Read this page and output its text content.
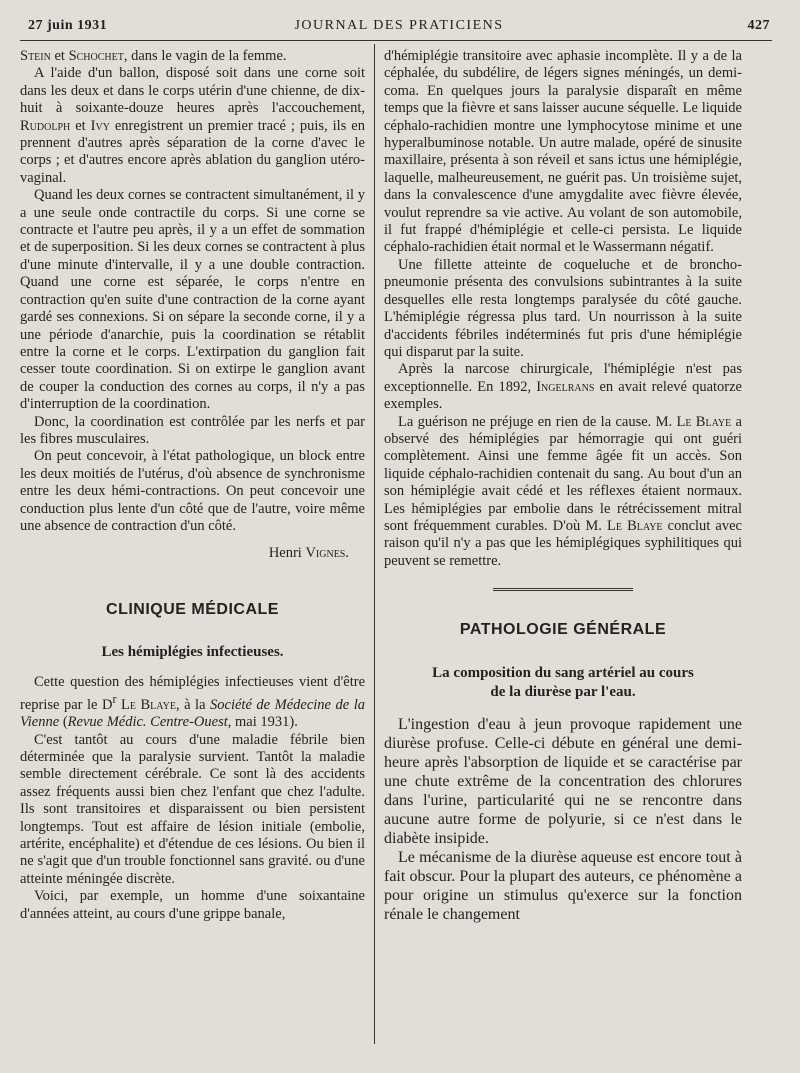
27 juin 1931	JOURNAL DES PRATICIENS	427

Stein et Schochet, dans le vagin de la femme.

A l'aide d'un ballon, disposé soit dans une corne soit dans les deux et dans le corps utérin d'une chienne, de dix-huit à soixante-douze heures après l'accouchement, Rudolph et Ivy enregistrent un premier tracé ; puis, ils en prennent d'autres après séparation de la corne d'avec le corps ; et d'autres encore après ablation du ganglion utéro-vaginal.

Quand les deux cornes se contractent simultanément, il y a une seule onde contractile du corps. Si une corne se contracte et l'autre peu après, il y a un effet de sommation et de superposition. Si les deux cornes se contractent à plus d'une minute d'intervalle, il y a une double contraction. Quand une corne est séparée, le corps n'entre en contraction qu'en suite d'une contraction de la corne ayant gardé ses connexions. Si on sépare la seconde corne, il y a une période d'anarchie, puis la coordination se rétablit entre la corne et le corps. L'extirpation du ganglion fait cesser toute coordination. Si on extirpe le ganglion avant de couper la conduction des cornes au corps, il n'y a pas d'interruption de la coordination.

Donc, la coordination est contrôlée par les nerfs et par les fibres musculaires.

On peut concevoir, à l'état pathologique, un block entre les deux moitiés de l'utérus, d'où absence de synchronisme entre les deux hémi-contractions. On peut concevoir une conduction plus lente d'un côté que de l'autre, voire même une absence de contraction d'un côté.

Henri Vignes.

CLINIQUE MÉDICALE
Les hémiplégies infectieuses.

Cette question des hémiplégies infectieuses vient d'être reprise par le $D^r$ Le Blaye, à la Société de Médecine de la Vienne (Revue Médic. Centre-Ouest, mai 1931).

C'est tantôt au cours d'une maladie fébrile bien déterminée que la paralysie survient. Tantôt la maladie semble directement cérébrale. Ce sont là des accidents assez fréquents aussi bien chez l'enfant que chez l'adulte. Ils sont transitoires et disparaissent ou bien persistent longtemps. Tout est affaire de lésion initiale (embolie, artérite, encéphalite) et d'étendue de ces lésions. Ou bien il ne s'agit que d'un trouble fonctionnel sans gravité. ou d'une atteinte méningée discrète.

Voici, par exemple, un homme d'une soixantaine d'années atteint, au cours d'une grippe banale,

d'hémiplégie transitoire avec aphasie incomplète. Il y a de la céphalée, du subdélire, de légers signes méningés, un demi-coma. En quelques jours la paralysie disparaît en même temps que la fièvre et sans laisser aucune séquelle. Le liquide céphalo-rachidien montre une lymphocytose minime et une hyperalbuminose notable. Un autre malade, opéré de sinusite maxillaire, présenta à son réveil et sans ictus une hémiplégie, laquelle, malheureusement, ne guérit pas. Un troisième sujet, dans la convalescence d'une amygdalite avec fièvre élevée, voulut reprendre sa vie active. Au volant de son automobile, il fut frappé d'hémiplégie et celle-ci persista. Le liquide céphalo-rachidien était normal et le Wassermann négatif.

Une fillette atteinte de coqueluche et de broncho-pneumonie présenta des convulsions subintrantes à la suite desquelles elle resta longtemps paralysée du côté gauche. L'hémiplégie régressa plus tard. Un nourrisson à la suite d'accidents fébriles indéterminés fut pris d'une hémiplégie qui disparut par la suite.

Après la narcose chirurgicale, l'hémiplégie n'est pas exceptionnelle. En 1892, Ingelrans en avait relevé quatorze exemples.

La guérison ne préjuge en rien de la cause. M. Le Blaye a observé des hémiplégies par hémorragie qui ont guéri complètement. Ainsi une femme âgée fit un accès. Son liquide céphalo-rachidien contenait du sang. Au bout d'un an son hémiplégie avait cédé et les réflexes étaient normaux. Les hémiplégies par embolie dans le rétrécissement mitral sont fréquemment curables. D'où M. Le Blaye conclut avec raison qu'il n'y a pas que les hémiplégiques syphilitiques qui peuvent se remettre.

PATHOLOGIE GÉNÉRALE
La composition du sang artériel au cours
de la diurèse par l'eau.

L'ingestion d'eau à jeun provoque rapidement une diurèse profuse. Celle-ci débute en général une demi-heure après l'absorption de liquide et se caractérise par une chute extrême de la concentration des chlorures dans l'urine, particularité qui ne se rencontre dans aucune autre forme de polyurie, si ce n'est dans le diabète insipide.

Le mécanisme de la diurèse aqueuse est encore tout à fait obscur. Pour la plupart des auteurs, ce phénomène a pour origine un stimulus qu'exerce sur la fonction rénale le changement
